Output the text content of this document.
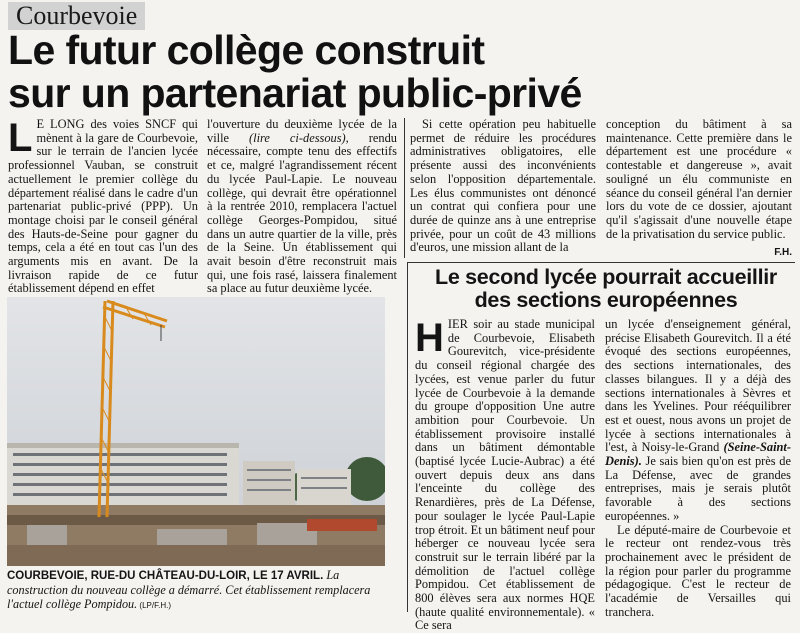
Courbevoie
Le futur collège construit
sur un partenariat public-privé
L E LONG des voies SNCF qui mènent à la gare de Courbevoie, sur le terrain de l'ancien lycée professionnel Vauban, se construit actuellement le premier collège du département réalisé dans le cadre d'un partenariat public-privé (PPP). Un montage choisi par le conseil général des Hauts-de-Seine pour gagner du temps, cela a été en tout cas l'un des arguments mis en avant. De la livraison rapide de ce futur établissement dépend en effet

l'ouverture du deuxième lycée de la ville (lire ci-dessous), rendu nécessaire, compte tenu des effectifs et ce, malgré l'agrandissement récent du lycée Paul-Lapie. Le nouveau collège, qui devrait être opérationnel à la rentrée 2010, remplacera l'actuel collège Georges-Pompidou, situé dans un autre quartier de la ville, près de la Seine. Un établissement qui avait besoin d'être reconstruit mais qui, une fois rasé, laissera finalement sa place au futur deuxième lycée.

Si cette opération peu habituelle permet de réduire les procédures administratives obligatoires, elle présente aussi des inconvénients selon l'opposition départementale. Les élus communistes ont dénoncé un contrat qui confiera pour une durée de quinze ans à une entreprise privée, pour un coût de 43 millions d'euros, une mission allant de la

conception du bâtiment à sa maintenance. Cette première dans le département est une procédure « contestable et dangereuse », avait souligné un élu communiste en séance du conseil général l'an dernier lors du vote de ce dossier, ajoutant qu'il s'agissait d'une nouvelle étape de la privatisation du service public.

F.H.

Le second lycée pourrait accueillir
des sections européennes
H IER soir au stade municipal de Courbevoie, Elisabeth Gourevitch, vice-présidente du conseil régional chargée des lycées, est venue parler du futur lycée de Courbevoie à la demande du groupe d'opposition Une autre ambition pour Courbevoie. Un établissement provisoire installé dans un bâtiment démontable (baptisé lycée Lucie-Aubrac) a été ouvert depuis deux ans dans l'enceinte du collège des Renardières, près de La Défense, pour soulager le lycée Paul-Lapie trop étroit. Et un bâtiment neuf pour héberger ce nouveau lycée sera construit sur le terrain libéré par la démolition de l'actuel collège Pompidou. Cet établissement de 800 élèves sera aux normes HQE (haute qualité environnementale). « Ce sera

un lycée d'enseignement général, précise Elisabeth Gourevitch. Il a été évoqué des sections européennes, des sections internationales, des classes bilangues. Il y a déjà des sections internationales à Sèvres et dans les Yvelines. Pour rééquilibrer est et ouest, nous avons un projet de lycée à sections internationales à l'est, à Noisy-le-Grand (Seine-Saint-Denis). Je sais bien qu'on est près de La Défense, avec de grandes entreprises, mais je serais plutôt favorable à des sections européennes. »

Le député-maire de Courbevoie et le recteur ont rendez-vous très prochainement avec le président de la région pour parler du programme pédagogique. C'est le recteur de l'académie de Versailles qui tranchera.

COURBEVOIE, RUE-DU CHÂTEAU-DU-LOIR, LE 17 AVRIL. La construction du nouveau collège a démarré. Cet établissement remplacera l'actuel collège Pompidou. (LP/F.H.)
